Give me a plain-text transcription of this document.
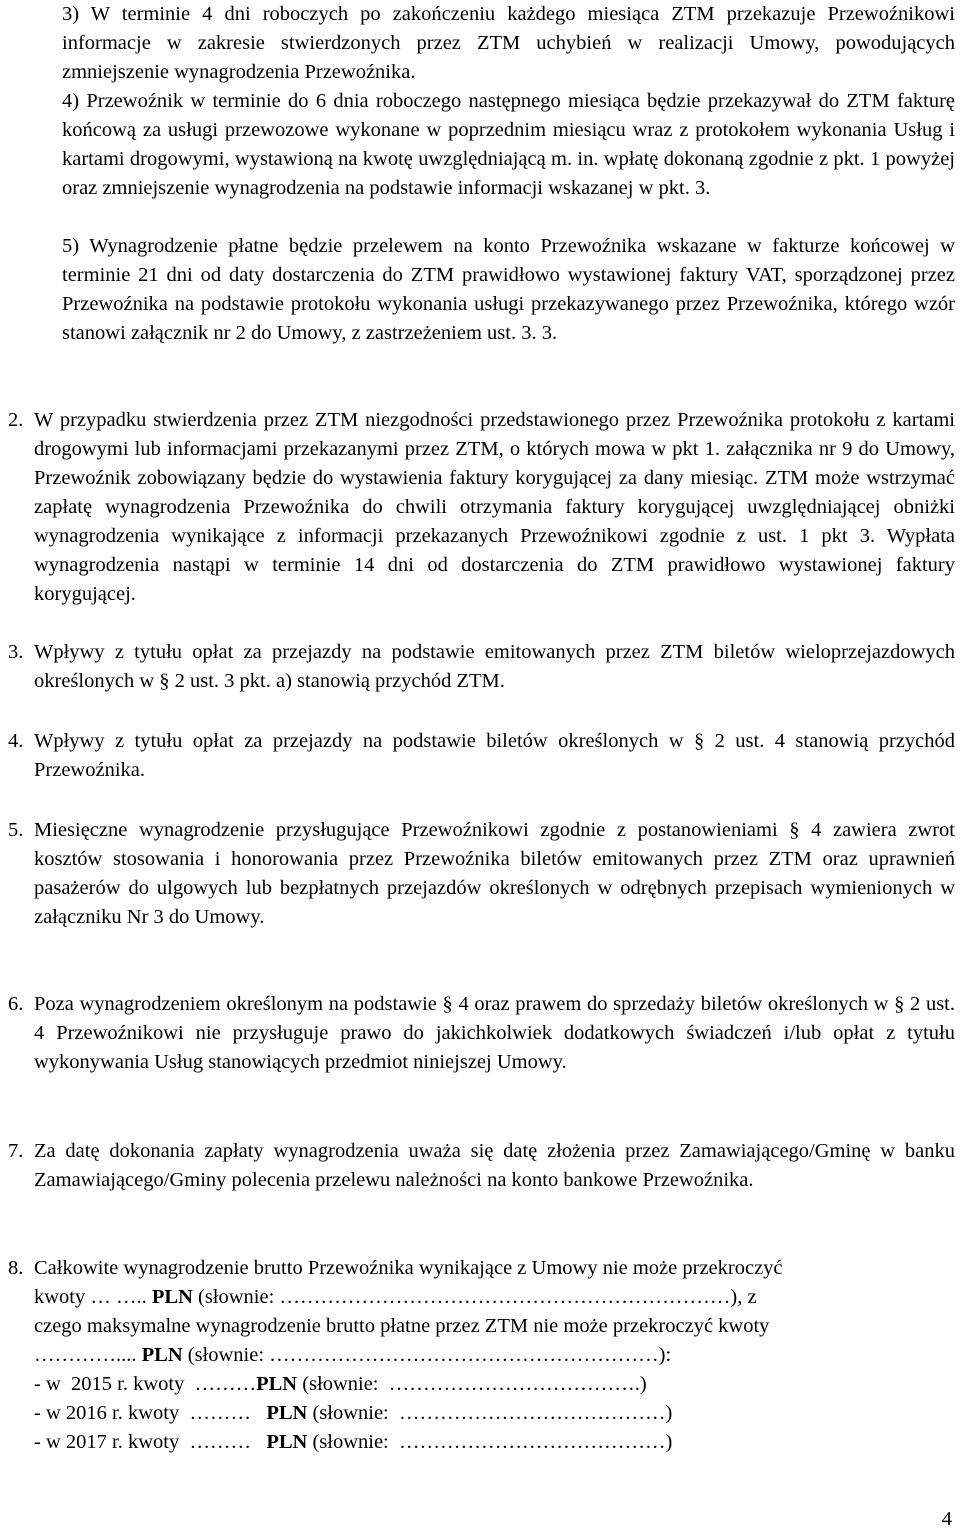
3) W terminie 4 dni roboczych po zakończeniu każdego miesiąca ZTM przekazuje Przewoźnikowi informacje w zakresie stwierdzonych przez ZTM uchybień w realizacji Umowy, powodujących zmniejszenie wynagrodzenia Przewoźnika.
4) Przewoźnik w terminie do 6 dnia roboczego następnego miesiąca będzie przekazywał do ZTM fakturę końcową za usługi przewozowe wykonane w poprzednim miesiącu wraz z protokołem wykonania Usług i kartami drogowymi, wystawioną na kwotę uwzględniającą m. in. wpłatę dokonaną zgodnie z pkt. 1 powyżej oraz zmniejszenie wynagrodzenia na podstawie informacji wskazanej w pkt. 3.
5) Wynagrodzenie płatne będzie przelewem na konto Przewoźnika wskazane w fakturze końcowej w terminie 21 dni od daty dostarczenia do ZTM prawidłowo wystawionej faktury VAT, sporządzonej przez Przewoźnika na podstawie protokołu wykonania usługi przekazywanego przez Przewoźnika, którego wzór stanowi załącznik nr 2 do Umowy, z zastrzeżeniem ust. 3. 3.
2. W przypadku stwierdzenia przez ZTM niezgodności przedstawionego przez Przewoźnika protokołu z kartami drogowymi lub informacjami przekazanymi przez ZTM, o których mowa w pkt 1. załącznika nr 9 do Umowy, Przewoźnik zobowiązany będzie do wystawienia faktury korygującej za dany miesiąc. ZTM może wstrzymać zapłatę wynagrodzenia Przewoźnika do chwili otrzymania faktury korygującej uwzględniającej obniżki wynagrodzenia wynikające z informacji przekazanych Przewoźnikowi zgodnie z ust. 1 pkt 3. Wypłata wynagrodzenia nastąpi w terminie 14 dni od dostarczenia do ZTM prawidłowo wystawionej faktury korygującej.
3. Wpływy z tytułu opłat za przejazdy na podstawie emitowanych przez ZTM biletów wieloprzejazdowych określonych w § 2 ust. 3 pkt. a) stanowią przychód ZTM.
4. Wpływy z tytułu opłat za przejazdy na podstawie biletów określonych w § 2 ust. 4 stanowią przychód Przewoźnika.
5. Miesięczne wynagrodzenie przysługujące Przewoźnikowi zgodnie z postanowieniami § 4 zawiera zwrot kosztów stosowania i honorowania przez Przewoźnika biletów emitowanych przez ZTM oraz uprawnień pasażerów do ulgowych lub bezpłatnych przejazdów określonych w odrębnych przepisach wymienionych w załączniku Nr 3 do Umowy.
6. Poza wynagrodzeniem określonym na podstawie § 4 oraz prawem do sprzedaży biletów określonych w § 2 ust. 4 Przewoźnikowi nie przysługuje prawo do jakichkolwiek dodatkowych świadczeń i/lub opłat z tytułu wykonywania Usług stanowiących przedmiot niniejszej Umowy.
7. Za datę dokonania zapłaty wynagrodzenia uważa się datę złożenia przez Zamawiającego/Gminę w banku Zamawiającego/Gminy polecenia przelewu należności na konto bankowe Przewoźnika.
8. Całkowite wynagrodzenie brutto Przewoźnika wynikające z Umowy nie może przekroczyć
kwoty … ….. PLN (słownie: …………………………………………………………), z
czego maksymalne wynagrodzenie brutto płatne przez ZTM nie może przekroczyć kwoty
………….... PLN (słownie: …………………………………………………):
- w  2015 r. kwoty  ………PLN (słownie:  ……………………………….)
- w 2016 r. kwoty  ………   PLN (słownie:  …………………………………)
- w 2017 r. kwoty  ………   PLN (słownie:  …………………………………)
4
